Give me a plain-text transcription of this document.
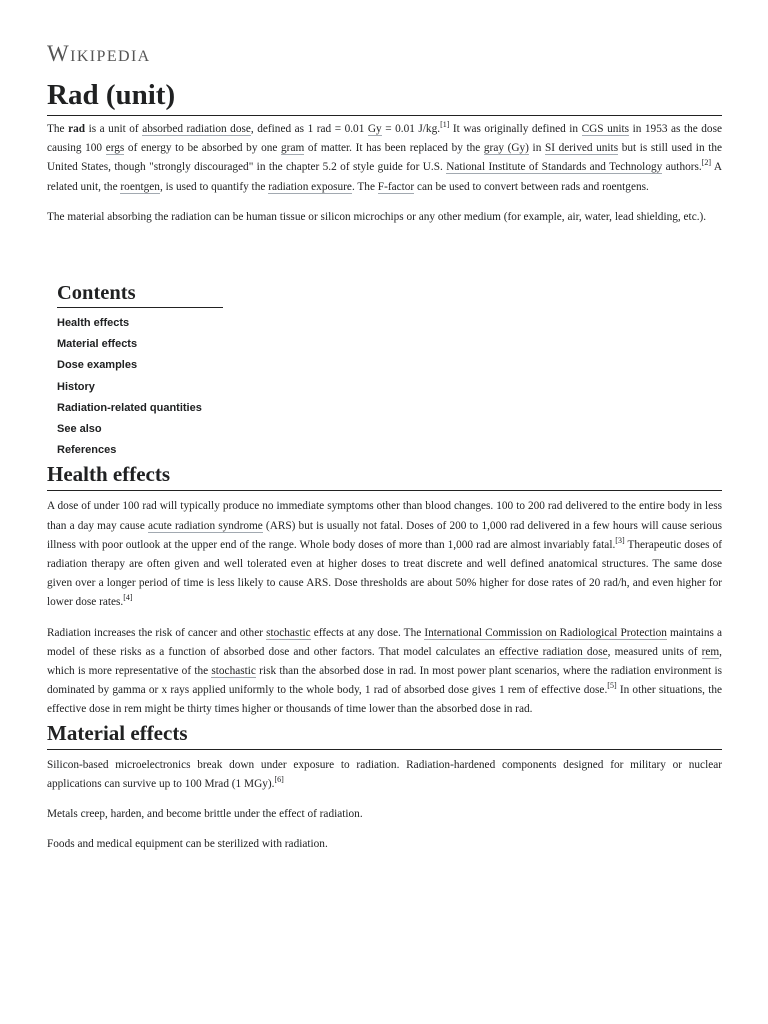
Wikipedia
Rad (unit)

The rad is a unit of absorbed radiation dose, defined as 1 rad = 0.01 Gy = 0.01 J/kg.[1] It was originally defined in CGS units in 1953 as the dose causing 100 ergs of energy to be absorbed by one gram of matter. It has been replaced by the gray (Gy) in SI derived units but is still used in the United States, though "strongly discouraged" in the chapter 5.2 of style guide for U.S. National Institute of Standards and Technology authors.[2] A related unit, the roentgen, is used to quantify the radiation exposure. The F-factor can be used to convert between rads and roentgens.

The material absorbing the radiation can be human tissue or silicon microchips or any other medium (for example, air, water, lead shielding, etc.).

Contents
Health effects
Material effects
Dose examples
History
Radiation-related quantities
See also
References
Health effects

A dose of under 100 rad will typically produce no immediate symptoms other than blood changes. 100 to 200 rad delivered to the entire body in less than a day may cause acute radiation syndrome (ARS) but is usually not fatal. Doses of 200 to 1,000 rad delivered in a few hours will cause serious illness with poor outlook at the upper end of the range. Whole body doses of more than 1,000 rad are almost invariably fatal.[3] Therapeutic doses of radiation therapy are often given and well tolerated even at higher doses to treat discrete and well defined anatomical structures. The same dose given over a longer period of time is less likely to cause ARS. Dose thresholds are about 50% higher for dose rates of 20 rad/h, and even higher for lower dose rates.[4]

Radiation increases the risk of cancer and other stochastic effects at any dose. The International Commission on Radiological Protection maintains a model of these risks as a function of absorbed dose and other factors. That model calculates an effective radiation dose, measured units of rem, which is more representative of the stochastic risk than the absorbed dose in rad. In most power plant scenarios, where the radiation environment is dominated by gamma or x rays applied uniformly to the whole body, 1 rad of absorbed dose gives 1 rem of effective dose.[5] In other situations, the effective dose in rem might be thirty times higher or thousands of time lower than the absorbed dose in rad.

Material effects

Silicon-based microelectronics break down under exposure to radiation. Radiation-hardened components designed for military or nuclear applications can survive up to 100 Mrad (1 MGy).[6]

Metals creep, harden, and become brittle under the effect of radiation.

Foods and medical equipment can be sterilized with radiation.
